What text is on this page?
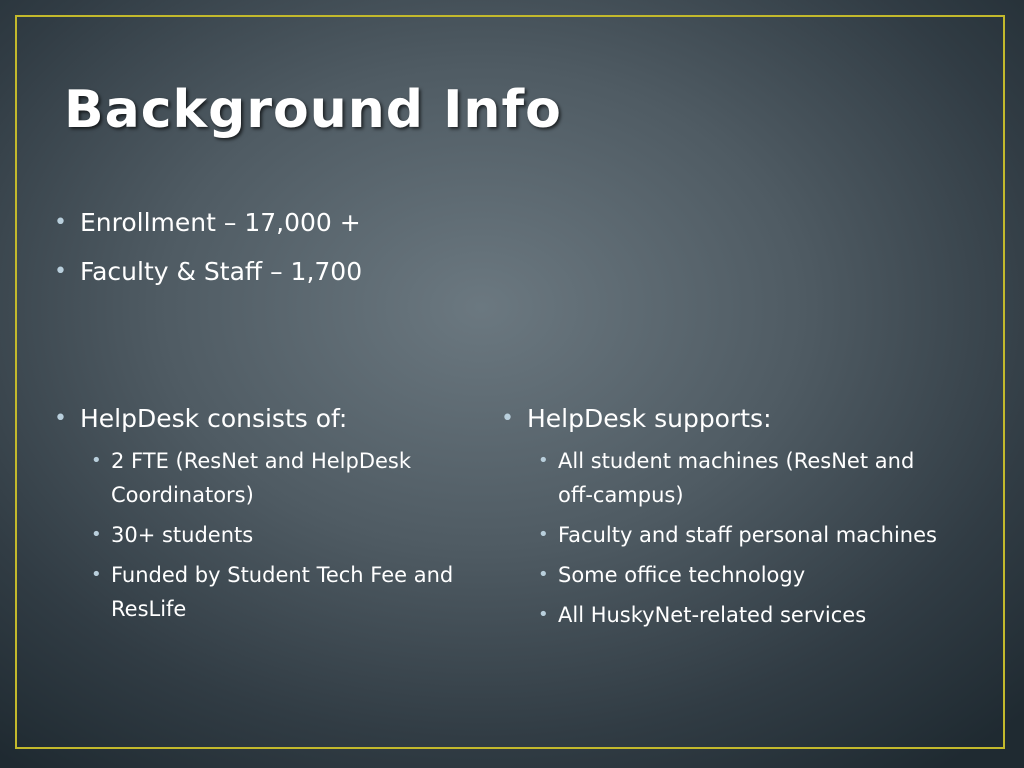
Background Info
• Enrollment – 17,000 +
• Faculty & Staff – 1,700
• HelpDesk consists of:
• 2 FTE (ResNet and HelpDesk Coordinators)
• 30+ students
• Funded by Student Tech Fee and ResLife
• HelpDesk supports:
• All student machines (ResNet and off-campus)
• Faculty and staff personal machines
• Some office technology
• All HuskyNet-related services
